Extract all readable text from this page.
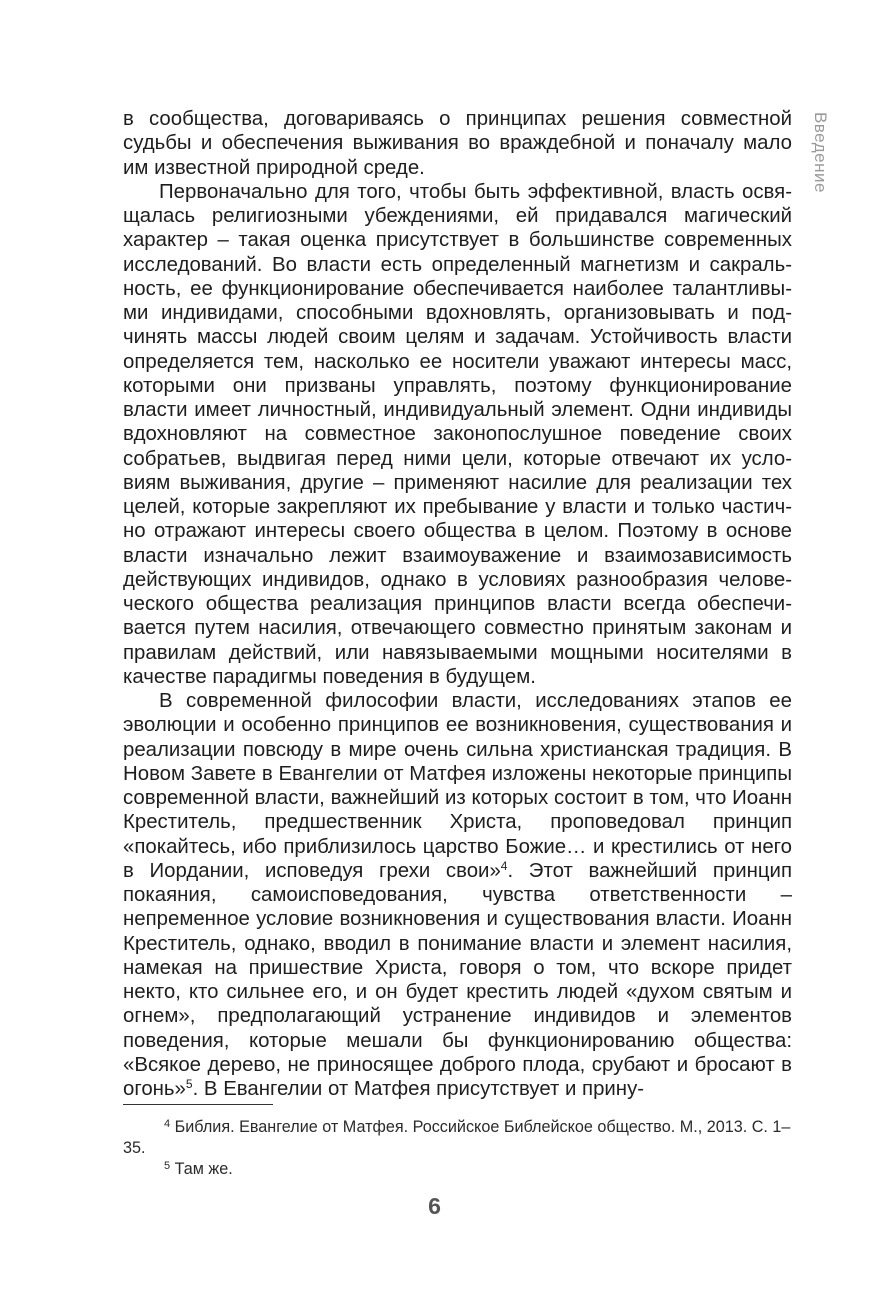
Введение

в сообщества, договариваясь о принципах решения совместной судьбы и обеспечения выживания во враждебной и поначалу мало им известной природной среде.

Первоначально для того, чтобы быть эффективной, власть освящалась религиозными убеждениями, ей придавался магический характер – такая оценка присутствует в большинстве современных исследований. Во власти есть определенный магнетизм и сакральность, ее функционирование обеспечивается наиболее талантливыми индивидами, способными вдохновлять, организовывать и подчинять массы людей своим целям и задачам. Устойчивость власти определяется тем, насколько ее носители уважают интересы масс, которыми они призваны управлять, поэтому функционирование власти имеет личностный, индивидуальный элемент. Одни индивиды вдохновляют на совместное законопослушное поведение своих собратьев, выдвигая перед ними цели, которые отвечают их условиям выживания, другие – применяют насилие для реализации тех целей, которые закрепляют их пребывание у власти и только частично отражают интересы своего общества в целом. Поэтому в основе власти изначально лежит взаимоуважение и взаимозависимость действующих индивидов, однако в условиях разнообразия человеческого общества реализация принципов власти всегда обеспечивается путем насилия, отвечающего совместно принятым законам и правилам действий, или навязываемыми мощными носителями в качестве парадигмы поведения в будущем.

В современной философии власти, исследованиях этапов ее эволюции и особенно принципов ее возникновения, существования и реализации повсюду в мире очень сильна христианская традиция. В Новом Завете в Евангелии от Матфея изложены некоторые принципы современной власти, важнейший из которых состоит в том, что Иоанн Креститель, предшественник Христа, проповедовал принцип «покайтесь, ибо приблизилось царство Божие… и крестились от него в Иордании, исповедуя грехи свои»$^4$. Этот важнейший принцип покаяния, самоисповедования, чувства ответственности – непременное условие возникновения и существования власти. Иоанн Креститель, однако, вводил в понимание власти и элемент насилия, намекая на пришествие Христа, говоря о том, что вскоре придет некто, кто сильнее его, и он будет крестить людей «духом святым и огнем», предполагающий устранение индивидов и элементов поведения, которые мешали бы функционированию общества: «Всякое дерево, не приносящее доброго плода, срубают и бросают в огонь»$^5$. В Евангелии от Матфея присутствует и прину-

$^4$ Библия. Евангелие от Матфея. Российское Библейское общество. М., 2013. С. 1–35.

$^5$ Там же.

6
